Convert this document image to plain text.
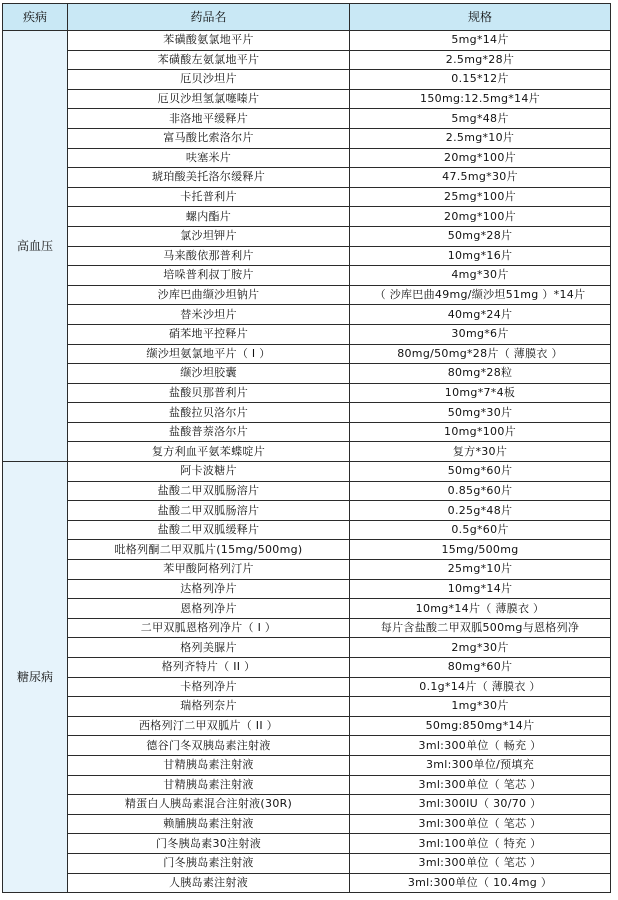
疾病	药品名	规格
高血压	苯磺酸氨氯地平片	5mg*14片
	苯磺酸左氨氯地平片	2.5mg*28片
	厄贝沙坦片	0.15*12片
	厄贝沙坦氢氯噻嗪片	150mg:12.5mg*14片
	非洛地平缓释片	5mg*48片
	富马酸比索洛尔片	2.5mg*10片
	呋塞米片	20mg*100片
	琥珀酸美托洛尔缓释片	47.5mg*30片
	卡托普利片	25mg*100片
	螺内酯片	20mg*100片
	氯沙坦钾片	50mg*28片
	马来酸依那普利片	10mg*16片
	培哚普利叔丁胺片	4mg*30片
	沙库巴曲缬沙坦钠片	（ 沙库巴曲49mg/缬沙坦51mg ）*14片
	替米沙坦片	40mg*24片
	硝苯地平控释片	30mg*6片
	缬沙坦氨氯地平片（ I ）	80mg/50mg*28片（ 薄膜衣 ）
	缬沙坦胶囊	80mg*28粒
	盐酸贝那普利片	10mg*7*4板
	盐酸拉贝洛尔片	50mg*30片
	盐酸普萘洛尔片	10mg*100片
	复方利血平氨苯蝶啶片	复方*30片
糖尿病	阿卡波糖片	50mg*60片
	盐酸二甲双胍肠溶片	0.85g*60片
	盐酸二甲双胍肠溶片	0.25g*48片
	盐酸二甲双胍缓释片	0.5g*60片
	吡格列酮二甲双胍片(15mg/500mg)	15mg/500mg
	苯甲酸阿格列汀片	25mg*10片
	达格列净片	10mg*14片
	恩格列净片	10mg*14片（ 薄膜衣 ）
	二甲双胍恩格列净片（ I ）	每片含盐酸二甲双胍500mg与恩格列净
	格列美脲片	2mg*30片
	格列齐特片（ II ）	80mg*60片
	卡格列净片	0.1g*14片（ 薄膜衣 ）
	瑞格列奈片	1mg*30片
	西格列汀二甲双胍片（ II ）	50mg:850mg*14片
	德谷门冬双胰岛素注射液	3ml:300单位（ 畅充 ）
	甘精胰岛素注射液	3ml:300单位/预填充
	甘精胰岛素注射液	3ml:300单位（ 笔芯 ）
	精蛋白人胰岛素混合注射液(30R)	3ml:300IU（ 30/70 ）
	赖脯胰岛素注射液	3ml:300单位（ 笔芯 ）
	门冬胰岛素30注射液	3ml:100单位（ 特充 ）
	门冬胰岛素注射液	3ml:300单位（ 笔芯 ）
	人胰岛素注射液	3ml:300单位（ 10.4mg ）
